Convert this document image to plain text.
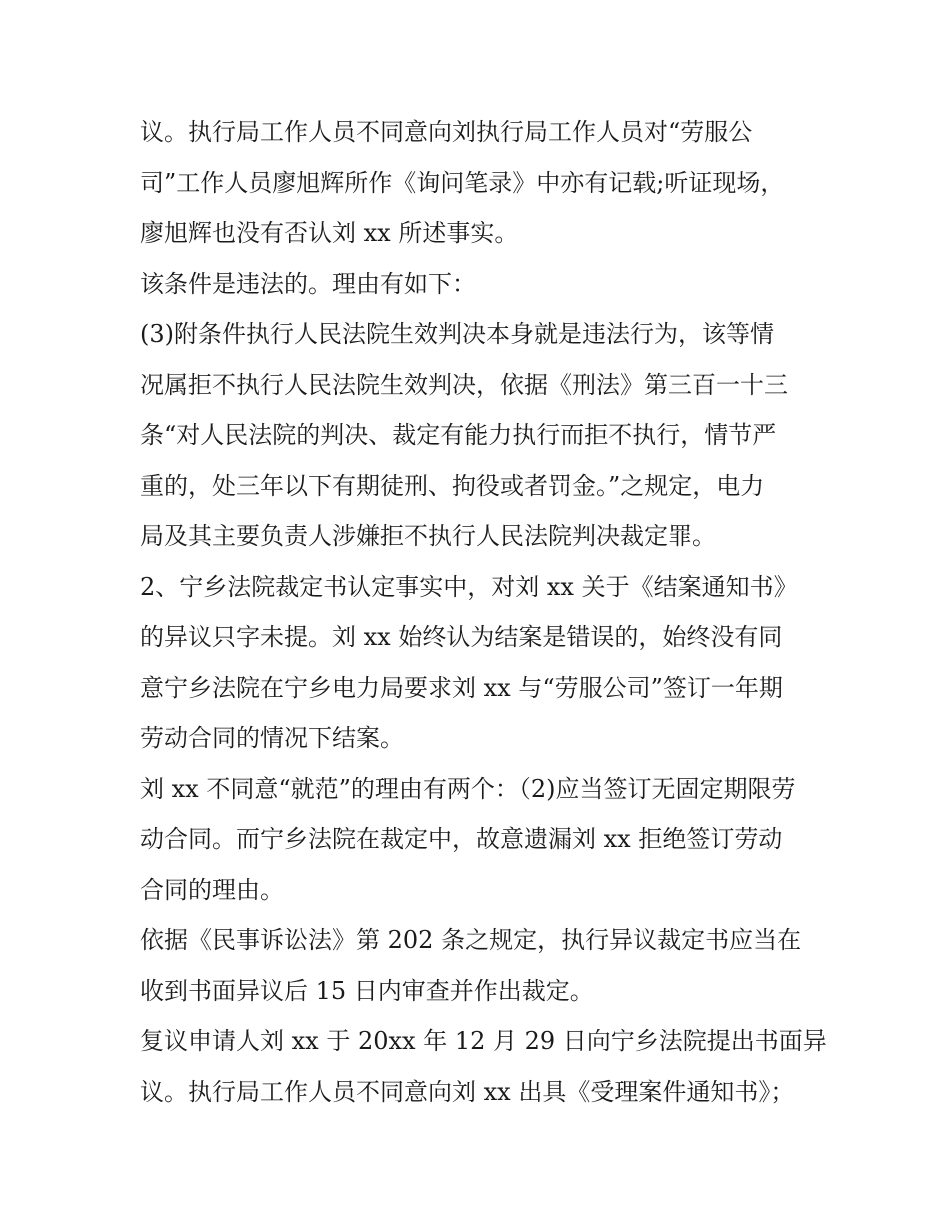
议。执行局工作人员不同意向刘执行局工作人员对“劳服公
司”工作人员廖旭辉所作《询问笔录》中亦有记载;听证现场，
廖旭辉也没有否认刘 xx 所述事实。
该条件是违法的。理由有如下：
(3)附条件执行人民法院生效判决本身就是违法行为，该等情
况属拒不执行人民法院生效判决，依据《刑法》第三百一十三
条“对人民法院的判决、裁定有能力执行而拒不执行，情节严
重的，处三年以下有期徒刑、拘役或者罚金。”之规定，电力
局及其主要负责人涉嫌拒不执行人民法院判决裁定罪。
2、宁乡法院裁定书认定事实中，对刘 xx 关于《结案通知书》
的异议只字未提。刘 xx 始终认为结案是错误的，始终没有同
意宁乡法院在宁乡电力局要求刘 xx 与“劳服公司”签订一年期
劳动合同的情况下结案。
刘 xx 不同意“就范”的理由有两个：（2)应当签订无固定期限劳
动合同。而宁乡法院在裁定中，故意遗漏刘 xx 拒绝签订劳动
合同的理由。
依据《民事诉讼法》第 202 条之规定，执行异议裁定书应当在
收到书面异议后 15 日内审查并作出裁定。
复议申请人刘 xx 于 20xx 年 12 月 29 日向宁乡法院提出书面异
议。执行局工作人员不同意向刘 xx 出具《受理案件通知书》；
